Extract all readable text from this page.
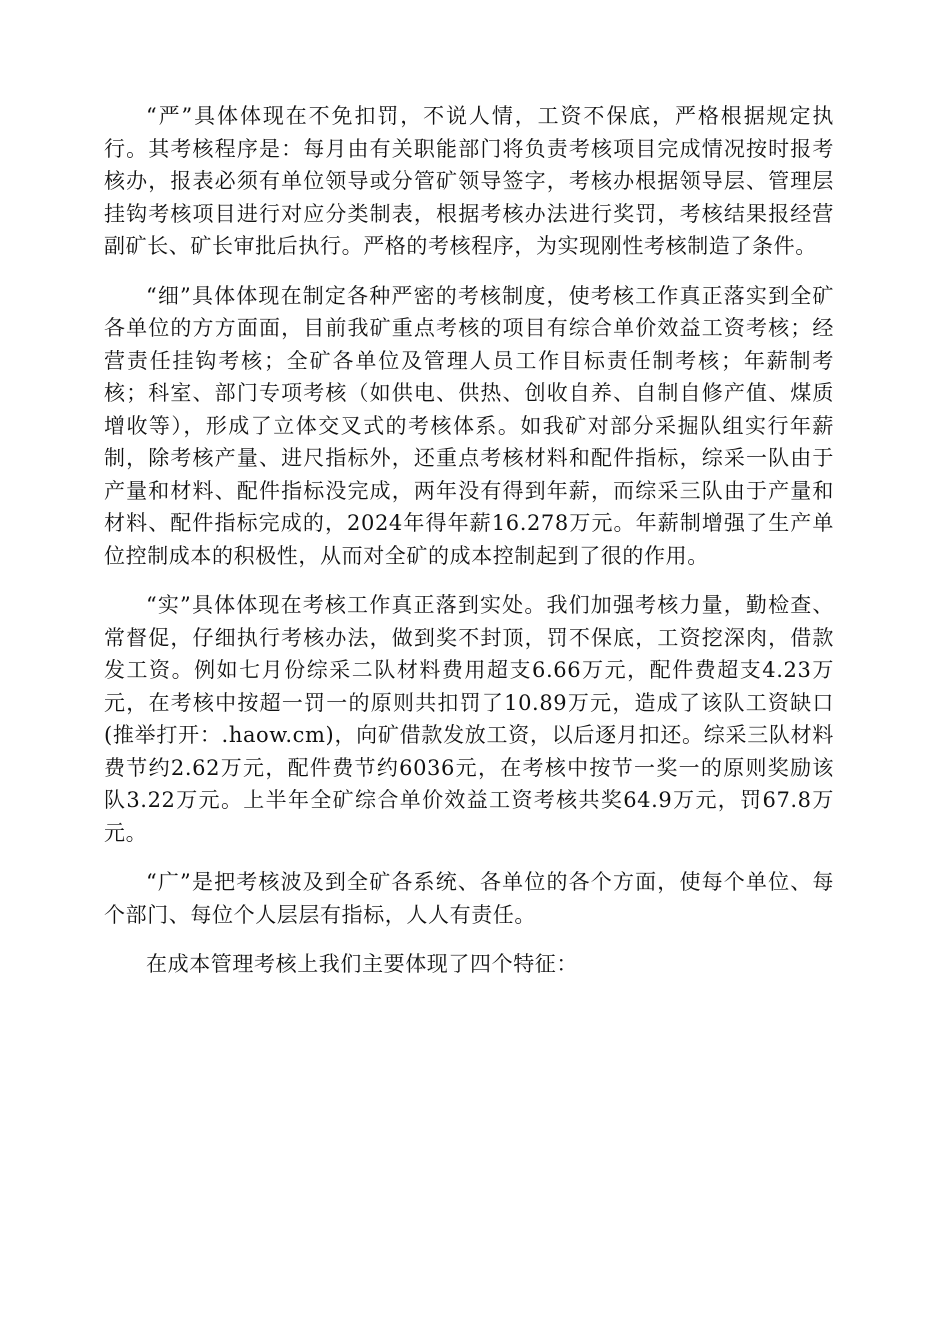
“严”具体体现在不免扣罚，不说人情，工资不保底，严格根据规定执行。其考核程序是：每月由有关职能部门将负责考核项目完成情况按时报考核办，报表必须有单位领导或分管矿领导签字，考核办根据领导层、管理层挂钩考核项目进行对应分类制表，根据考核办法进行奖罚，考核结果报经营副矿长、矿长审批后执行。严格的考核程序，为实现刚性考核制造了条件。

“细”具体体现在制定各种严密的考核制度，使考核工作真正落实到全矿各单位的方方面面，目前我矿重点考核的项目有综合单价效益工资考核；经营责任挂钩考核；全矿各单位及管理人员工作目标责任制考核；年薪制考核；科室、部门专项考核（如供电、供热、创收自养、自制自修产值、煤质增收等），形成了立体交叉式的考核体系。如我矿对部分采掘队组实行年薪制，除考核产量、进尺指标外，还重点考核材料和配件指标，综采一队由于产量和材料、配件指标没完成，两年没有得到年薪，而综采三队由于产量和材料、配件指标完成的，2024年得年薪16.278万元。年薪制增强了生产单位控制成本的积极性，从而对全矿的成本控制起到了很的作用。

“实”具体体现在考核工作真正落到实处。我们加强考核力量，勤检查、常督促，仔细执行考核办法，做到奖不封顶，罚不保底，工资挖深肉，借款发工资。例如七月份综采二队材料费用超支6.66万元，配件费超支4.23万元，在考核中按超一罚一的原则共扣罚了10.89万元，造成了该队工资缺口(推举打开：.haow.cm)，向矿借款发放工资，以后逐月扣还。综采三队材料费节约2.62万元，配件费节约6036元，在考核中按节一奖一的原则奖励该队3.22万元。上半年全矿综合单价效益工资考核共奖64.9万元，罚67.8万元。

“广”是把考核波及到全矿各系统、各单位的各个方面，使每个单位、每个部门、每位个人层层有指标，人人有责任。

在成本管理考核上我们主要体现了四个特征：
